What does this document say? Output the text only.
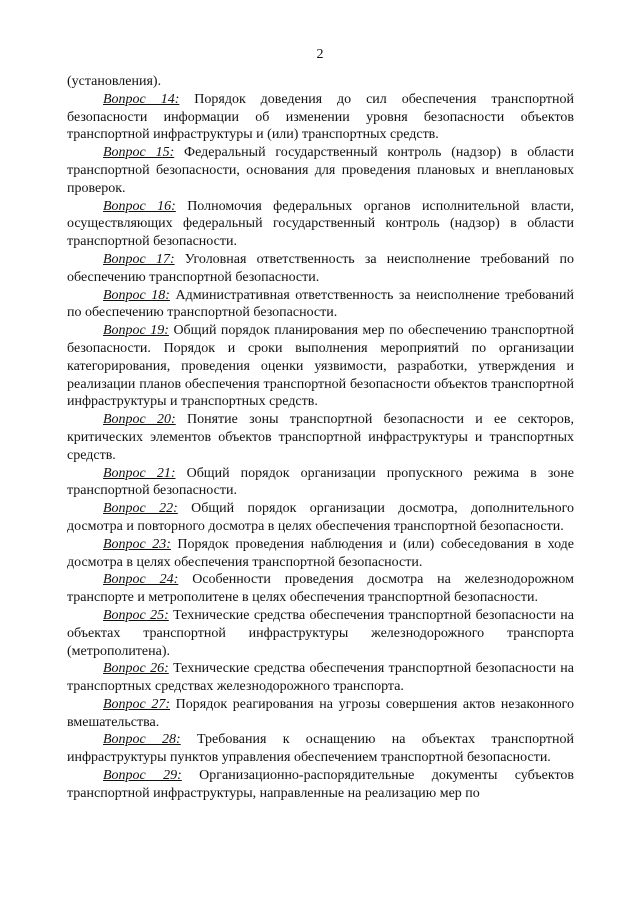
2

(установления).

Вопрос 14: Порядок доведения до сил обеспечения транспортной безопасности информации об изменении уровня безопасности объектов транспортной инфраструктуры и (или) транспортных средств.

Вопрос 15: Федеральный государственный контроль (надзор) в области транспортной безопасности, основания для проведения плановых и внеплановых проверок.

Вопрос 16: Полномочия федеральных органов исполнительной власти, осуществляющих федеральный государственный контроль (надзор) в области транспортной безопасности.

Вопрос 17: Уголовная ответственность за неисполнение требований по обеспечению транспортной безопасности.

Вопрос 18: Административная ответственность за неисполнение требований по обеспечению транспортной безопасности.

Вопрос 19: Общий порядок планирования мер по обеспечению транспортной безопасности. Порядок и сроки выполнения мероприятий по организации категорирования, проведения оценки уязвимости, разработки, утверждения и реализации планов обеспечения транспортной безопасности объектов транспортной инфраструктуры и транспортных средств.

Вопрос 20: Понятие зоны транспортной безопасности и ее секторов, критических элементов объектов транспортной инфраструктуры и транспортных средств.

Вопрос 21: Общий порядок организации пропускного режима в зоне транспортной безопасности.

Вопрос 22: Общий порядок организации досмотра, дополнительного досмотра и повторного досмотра в целях обеспечения транспортной безопасности.

Вопрос 23: Порядок проведения наблюдения и (или) собеседования в ходе досмотра в целях обеспечения транспортной безопасности.

Вопрос 24: Особенности проведения досмотра на железнодорожном транспорте и метрополитене в целях обеспечения транспортной безопасности.

Вопрос 25: Технические средства обеспечения транспортной безопасности на объектах транспортной инфраструктуры железнодорожного транспорта (метрополитена).

Вопрос 26: Технические средства обеспечения транспортной безопасности на транспортных средствах железнодорожного транспорта.

Вопрос 27: Порядок реагирования на угрозы совершения актов незаконного вмешательства.

Вопрос 28: Требования к оснащению на объектах транспортной инфраструктуры пунктов управления обеспечением транспортной безопасности.

Вопрос 29: Организационно-распорядительные документы субъектов транспортной инфраструктуры, направленные на реализацию мер по
